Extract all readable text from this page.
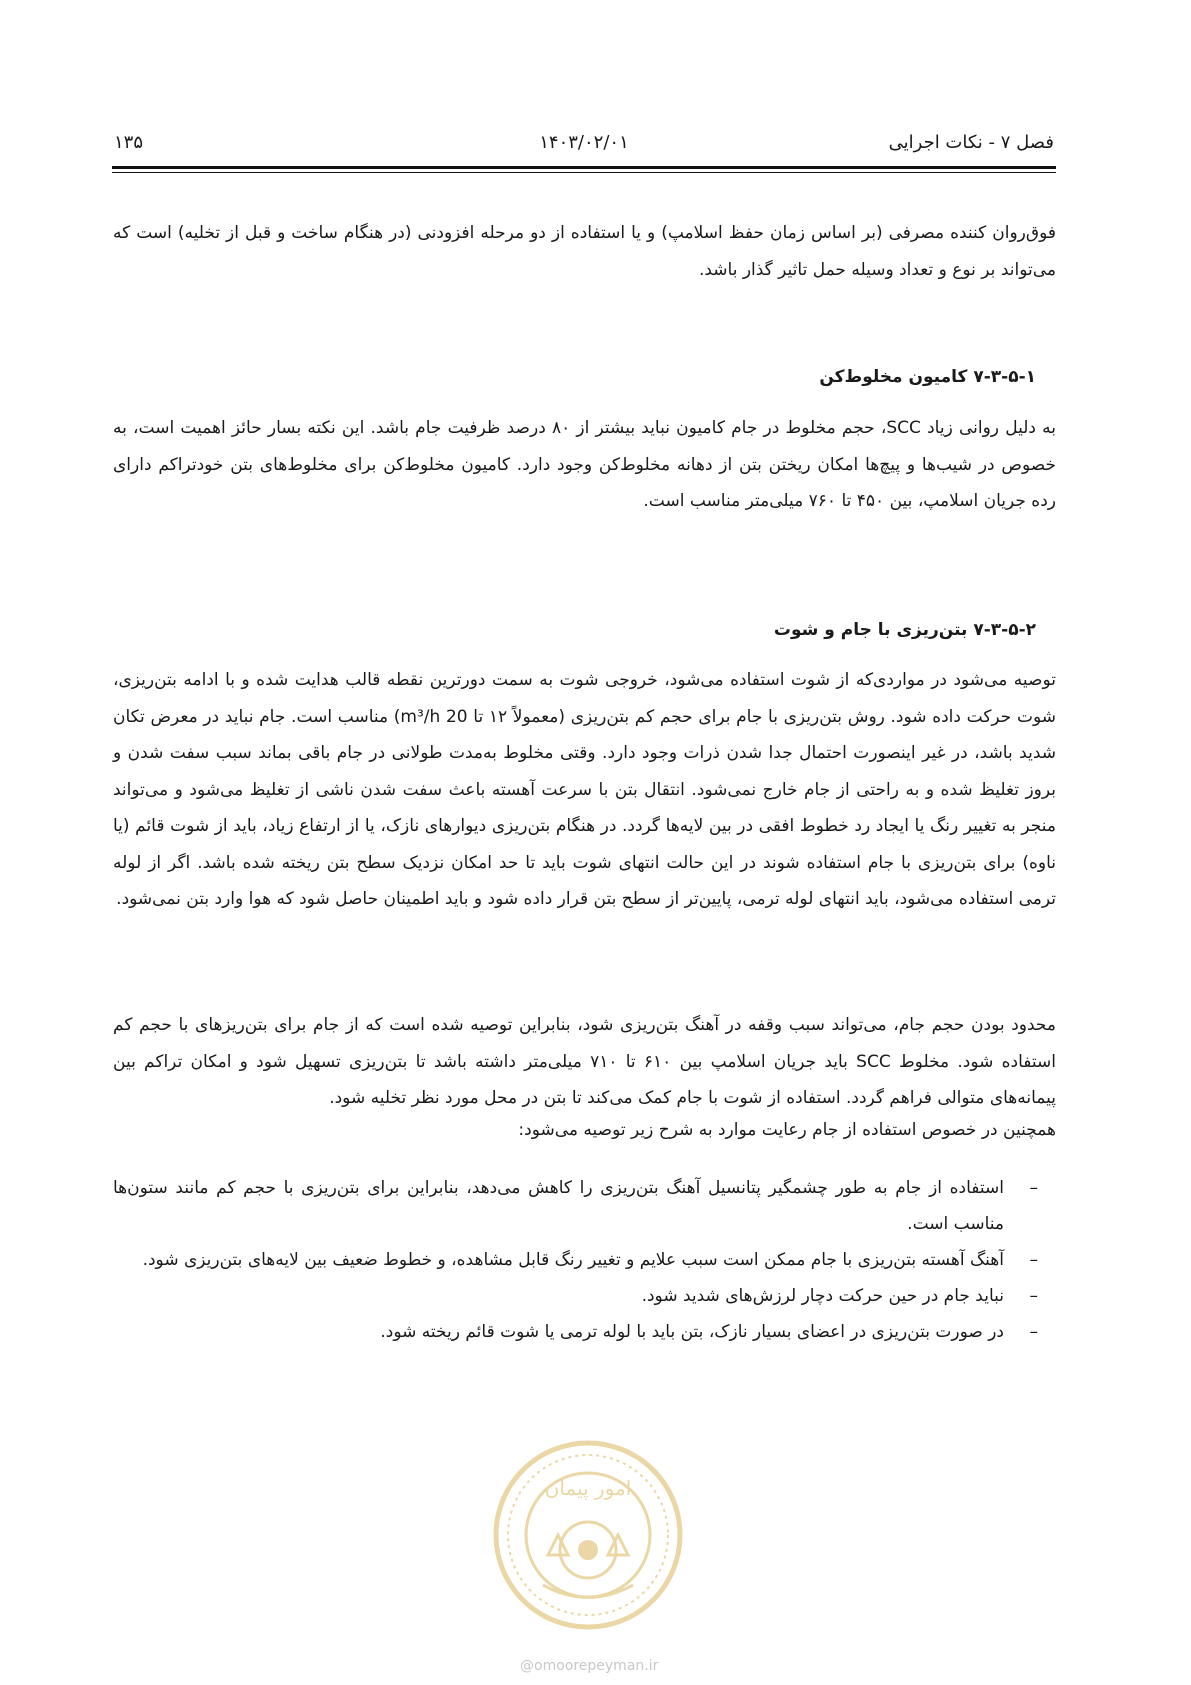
فصل ۷ - نکات اجرایی
۱۴۰۳/۰۲/۰۱
۱۳۵

فوق‌روان کننده مصرفی (بر اساس زمان حفظ اسلامپ) و یا استفاده از دو مرحله افزودنی (در هنگام ساخت و قبل از تخلیه) است که می‌تواند بر نوع و تعداد وسیله حمل تاثیر گذار باشد.

۷-۳-۵-۱ کامیون مخلوط‌کن

به دلیل روانی زیاد SCC، حجم مخلوط در جام کامیون نباید بیشتر از ۸۰ درصد ظرفیت جام باشد. این نکته بسار حائز اهمیت است، به خصوص در شیب‌ها و پیچ‌ها امکان ریختن بتن از دهانه مخلوط‌کن وجود دارد. کامیون مخلوط‌کن برای مخلوط‌های بتن خودتراکم دارای رده جریان اسلامپ، بین ۴۵۰ تا ۷۶۰ میلی‌متر مناسب است.

۷-۳-۵-۲ بتن‌ریزی با جام و شوت

توصیه می‌شود در مواردی‌که از شوت استفاده می‌شود، خروجی شوت به سمت دورترین نقطه قالب هدایت شده و با ادامه بتن‌ریزی، شوت حرکت داده شود. روش بتن‌ریزی با جام برای حجم کم بتن‌ریزی (معمولاً ۱۲ تا 20 m³/h) مناسب است. جام نباید در معرض تکان شدید باشد، در غیر اینصورت احتمال جدا شدن ذرات وجود دارد. وقتی مخلوط به‌مدت طولانی در جام باقی بماند سبب سفت شدن و بروز تغلیظ شده و به راحتی از جام خارج نمی‌شود. انتقال بتن با سرعت آهسته باعث سفت شدن ناشی از تغلیظ می‌شود و می‌تواند منجر به تغییر رنگ یا ایجاد رد خطوط افقی در بین لایه‌ها گردد. در هنگام بتن‌ریزی دیوارهای نازک، یا از ارتفاع زیاد، باید از شوت قائم (یا ناوه) برای بتن‌ریزی با جام استفاده شوند در این حالت انتهای شوت باید تا حد امکان نزدیک سطح بتن ریخته شده باشد. اگر از لوله ترمی استفاده می‌شود، باید انتهای لوله ترمی، پایین‌تر از سطح بتن قرار داده شود و باید اطمینان حاصل شود که هوا وارد بتن نمی‌شود.

محدود بودن حجم جام، می‌تواند سبب وقفه در آهنگ بتن‌ریزی شود، بنابراین توصیه شده است که از جام برای بتن‌ریزهای با حجم کم استفاده شود. مخلوط SCC باید جریان اسلامپ بین ۶۱۰ تا ۷۱۰ میلی‌متر داشته باشد تا بتن‌ریزی تسهیل شود و امکان تراکم بین پیمانه‌های متوالی فراهم گردد. استفاده از شوت با جام کمک می‌کند تا بتن در محل مورد نظر تخلیه شود.

همچنین در خصوص استفاده از جام رعایت موارد به شرح زیر توصیه می‌شود:

–
استفاده از جام به طور چشمگیر پتانسیل آهنگ بتن‌ریزی را کاهش می‌دهد، بنابراین برای بتن‌ریزی با حجم کم مانند ستون‌ها مناسب است.
–
آهنگ آهسته بتن‌ریزی با جام ممکن است سبب علایم و تغییر رنگ قابل مشاهده، و خطوط ضعیف بین لایه‌های بتن‌ریزی شود.
–
نباید جام در حین حرکت دچار لرزش‌های شدید شود.
–
در صورت بتن‌ریزی در اعضای بسیار نازک، بتن باید با لوله ترمی یا شوت قائم ریخته شود.
امور پیمان
@omoorepeyman.ir
